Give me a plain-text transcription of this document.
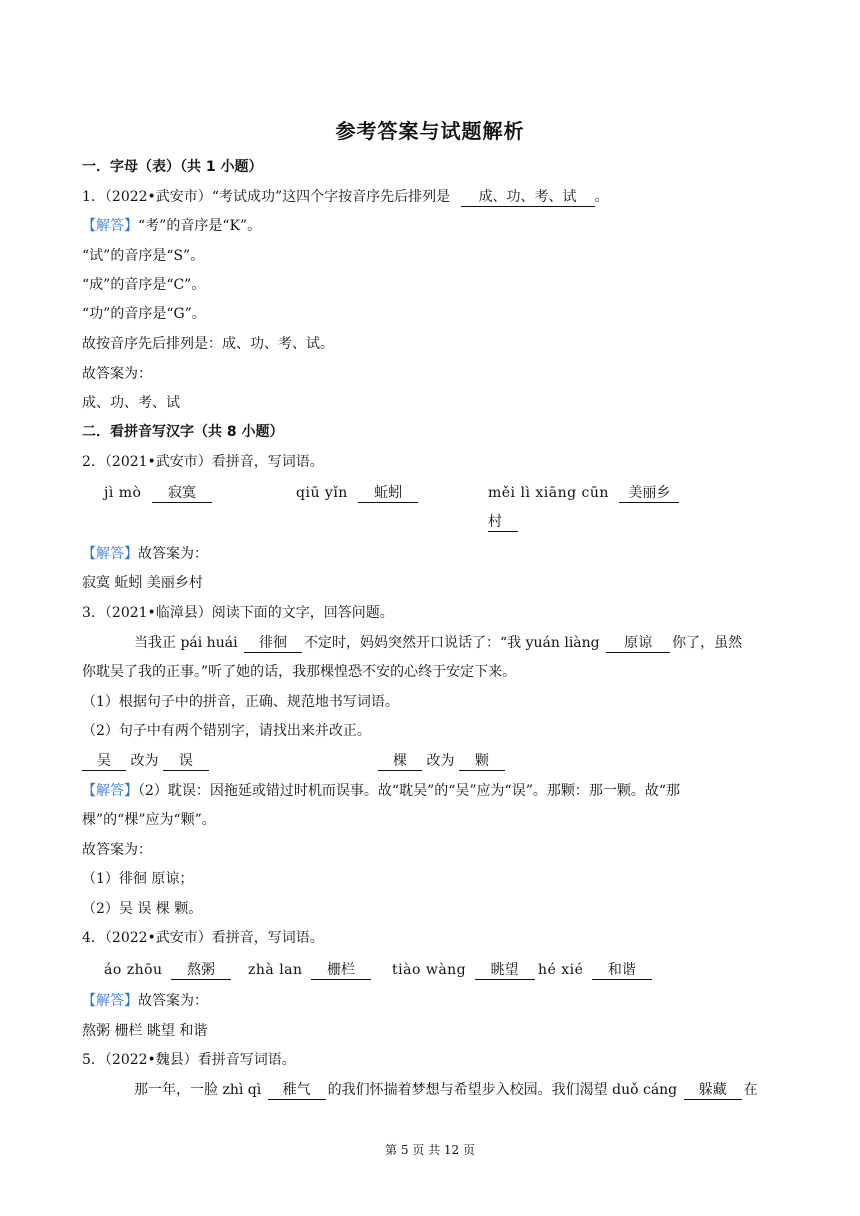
参考答案与试题解析
一．字母（表）（共 1 小题）
1．（2022•武安市）“考试成功”这四个字按音序先后排列是 成、功、考、试 。
【解答】“考”的音序是“K”。
“试”的音序是“S”。
“成”的音序是“C”。
“功”的音序是“G”。
故按音序先后排列是：成、功、考、试。
故答案为：
成、功、考、试
二．看拼音写汉字（共 8 小题）
2．（2021•武安市）看拼音，写词语。
jì mò 寂寞	qiū yǐn 蚯蚓	měi lì xiāng cūn 美丽乡
村
【解答】故答案为：
寂寞 蚯蚓 美丽乡村
3．（2021•临漳县）阅读下面的文字，回答问题。
当我正 pái huái 徘徊 不定时，妈妈突然开口说话了：“我 yuán liàng 原谅 你了，虽然
你耽吴了我的正事。”听了她的话，我那棵惶恐不安的心终于安定下来。
（1）根据句子中的拼音，正确、规范地书写词语。
（2）句子中有两个错别字，请找出来并改正。
吴 改为 误	棵 改为 颗
【解答】（2）耽误：因拖延或错过时机而误事。故“耽吴”的“吴”应为“误”。那颗：那一颗。故“那
棵”的“棵”应为“颗”。
故答案为：
（1）徘徊 原谅；
（2）吴 误 棵 颗。
4．（2022•武安市）看拼音，写词语。
áo zhōu 熬粥	zhà lan 栅栏	tiào wàng 眺望	hé xié 和谐
【解答】故答案为：
熬粥 栅栏 眺望 和谐
5．（2022•魏县）看拼音写词语。
那一年，一脸 zhì qì 稚气 的我们怀揣着梦想与希望步入校园。我们渴望 duǒ cáng 躲藏 在
第 5 页 共 12 页
